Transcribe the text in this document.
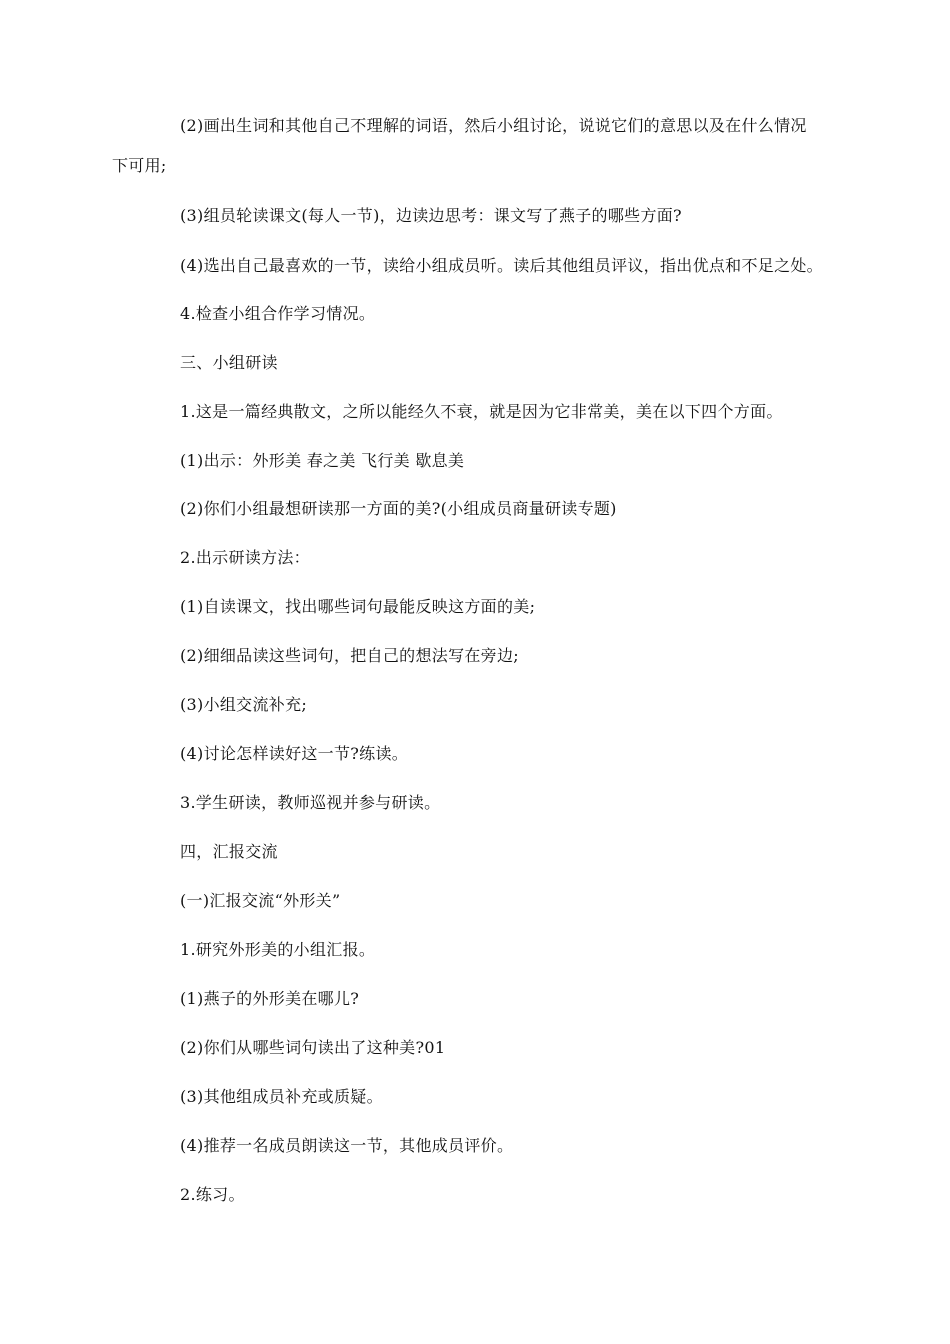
(2)画出生词和其他自己不理解的词语，然后小组讨论，说说它们的意思以及在什么情况
下可用;
(3)组员轮读课文(每人一节)，边读边思考：课文写了燕子的哪些方面?
(4)选出自己最喜欢的一节，读给小组成员听。读后其他组员评议，指出优点和不足之处。
4.检查小组合作学习情况。
三、小组研读
1.这是一篇经典散文，之所以能经久不衰，就是因为它非常美，美在以下四个方面。
(1)出示：外形美 春之美 飞行美 歇息美
(2)你们小组最想研读那一方面的美?(小组成员商量研读专题)
2.出示研读方法：
(1)自读课文，找出哪些词句最能反映这方面的美;
(2)细细品读这些词句，把自己的想法写在旁边;
(3)小组交流补充;
(4)讨论怎样读好这一节?练读。
3.学生研读，教师巡视并参与研读。
四，汇报交流
(一)汇报交流“外形关”
1.研究外形美的小组汇报。
(1)燕子的外形美在哪儿?
(2)你们从哪些词句读出了这种美?01
(3)其他组成员补充或质疑。
(4)推荐一名成员朗读这一节，其他成员评价。
2.练习。
